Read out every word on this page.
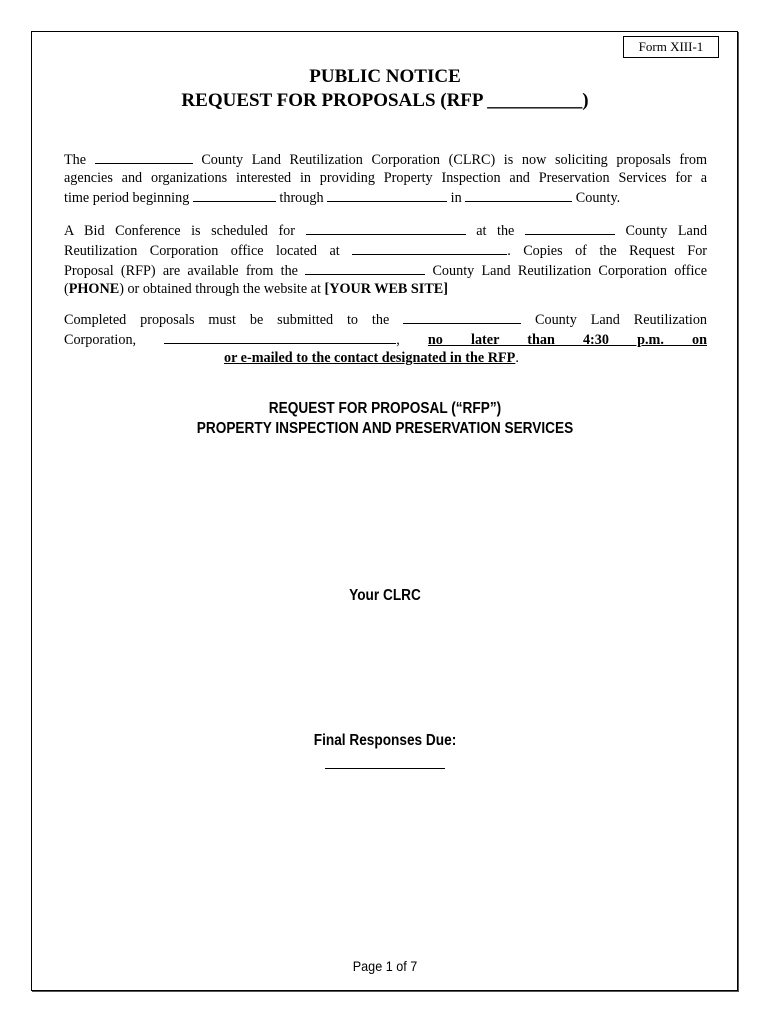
Form XIII-1
PUBLIC NOTICE
REQUEST FOR PROPOSALS (RFP __________)
The	County Land Reutilization Corporation (CLRC) is now soliciting proposals from
agencies and organizations interested in providing Property Inspection and Preservation Services for a
time period beginning	through	in	County.
A Bid Conference is scheduled for	at the	County Land
Reutilization Corporation office located at	. Copies of the Request For
Proposal (RFP) are available from the	County Land Reutilization Corporation office
(PHONE) or obtained through the website at [YOUR WEB SITE]
Completed proposals must be submitted to the	County Land Reutilization
Corporation,	, no later than 4:30 p.m. on
or e-mailed to the contact designated in the RFP.
REQUEST FOR PROPOSAL (“RFP”)
PROPERTY INSPECTION AND PRESERVATION SERVICES
Your CLRC
Final Responses Due:
Page 1 of 7
